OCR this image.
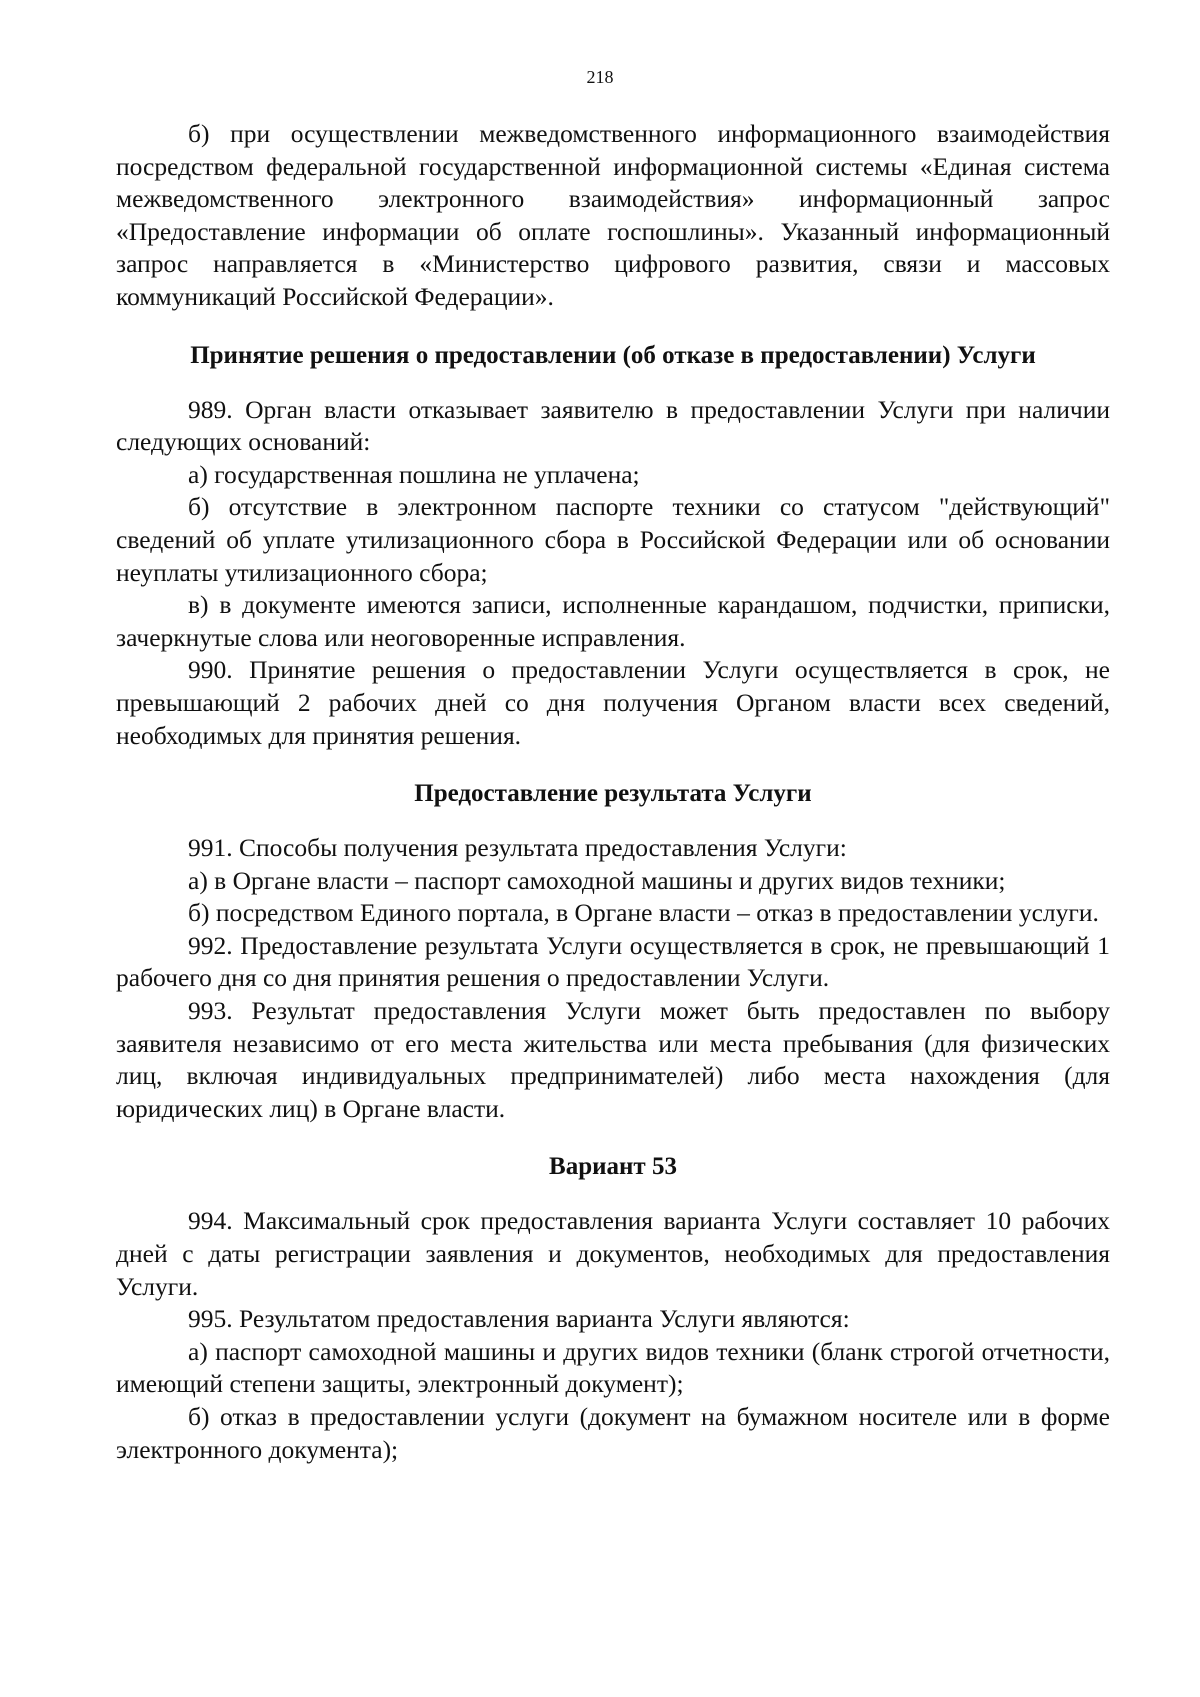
218

б) при осуществлении межведомственного информационного взаимодействия посредством федеральной государственной информационной системы «Единая система межведомственного электронного взаимодействия» информационный запрос «Предоставление информации об оплате госпошлины». Указанный информационный запрос направляется в «Министерство цифрового развития, связи и массовых коммуникаций Российской Федерации».

Принятие решения о предоставлении (об отказе в предоставлении) Услуги

989. Орган власти отказывает заявителю в предоставлении Услуги при наличии следующих оснований:

а) государственная пошлина не уплачена;

б) отсутствие в электронном паспорте техники со статусом "действующий" сведений об уплате утилизационного сбора в Российской Федерации или об основании неуплаты утилизационного сбора;

в) в документе имеются записи, исполненные карандашом, подчистки, приписки, зачеркнутые слова или неоговоренные исправления.

990. Принятие решения о предоставлении Услуги осуществляется в срок, не превышающий 2 рабочих дней со дня получения Органом власти всех сведений, необходимых для принятия решения.

Предоставление результата Услуги

991. Способы получения результата предоставления Услуги:

а) в Органе власти – паспорт самоходной машины и других видов техники;

б) посредством Единого портала, в Органе власти – отказ в предоставлении услуги.

992. Предоставление результата Услуги осуществляется в срок, не превышающий 1 рабочего дня со дня принятия решения о предоставлении Услуги.

993. Результат предоставления Услуги может быть предоставлен по выбору заявителя независимо от его места жительства или места пребывания (для физических лиц, включая индивидуальных предпринимателей) либо места нахождения (для юридических лиц) в Органе власти.

Вариант 53

994. Максимальный срок предоставления варианта Услуги составляет 10 рабочих дней с даты регистрации заявления и документов, необходимых для предоставления Услуги.

995. Результатом предоставления варианта Услуги являются:

а) паспорт самоходной машины и других видов техники (бланк строгой отчетности, имеющий степени защиты, электронный документ);

б) отказ в предоставлении услуги (документ на бумажном носителе или в форме электронного документа);
